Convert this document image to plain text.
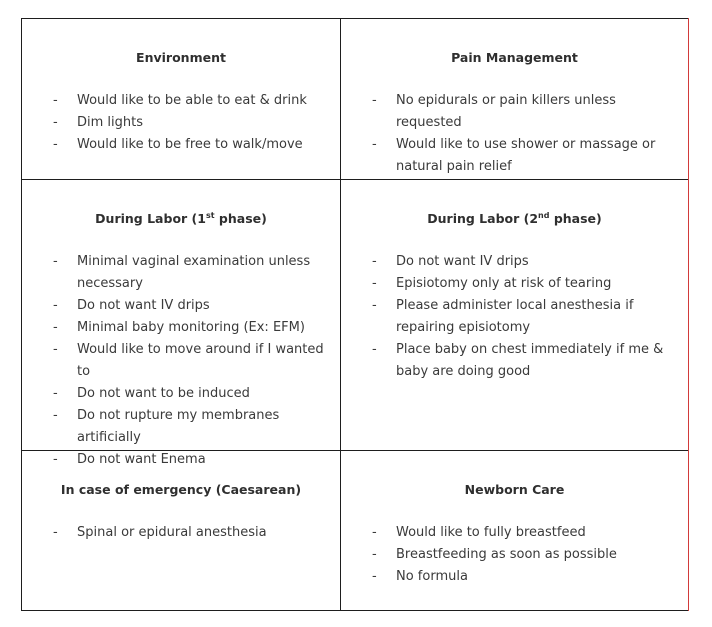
Environment
- Would like to be able to eat & drink
- Dim lights
- Would like to be free to walk/move
Pain Management
- No epidurals or pain killers unless requested
- Would like to use shower or massage or natural pain relief
During Labor (1st phase)
- Minimal vaginal examination unless necessary
- Do not want IV drips
- Minimal baby monitoring (Ex: EFM)
- Would like to move around if I wanted to
- Do not want to be induced
- Do not rupture my membranes artificially
- Do not want Enema
During Labor (2nd phase)
- Do not want IV drips
- Episiotomy only at risk of tearing
- Please administer local anesthesia if repairing episiotomy
- Place baby on chest immediately if me & baby are doing good
In case of emergency (Caesarean)
- Spinal or epidural anesthesia
Newborn Care
- Would like to fully breastfeed
- Breastfeeding as soon as possible
- No formula
